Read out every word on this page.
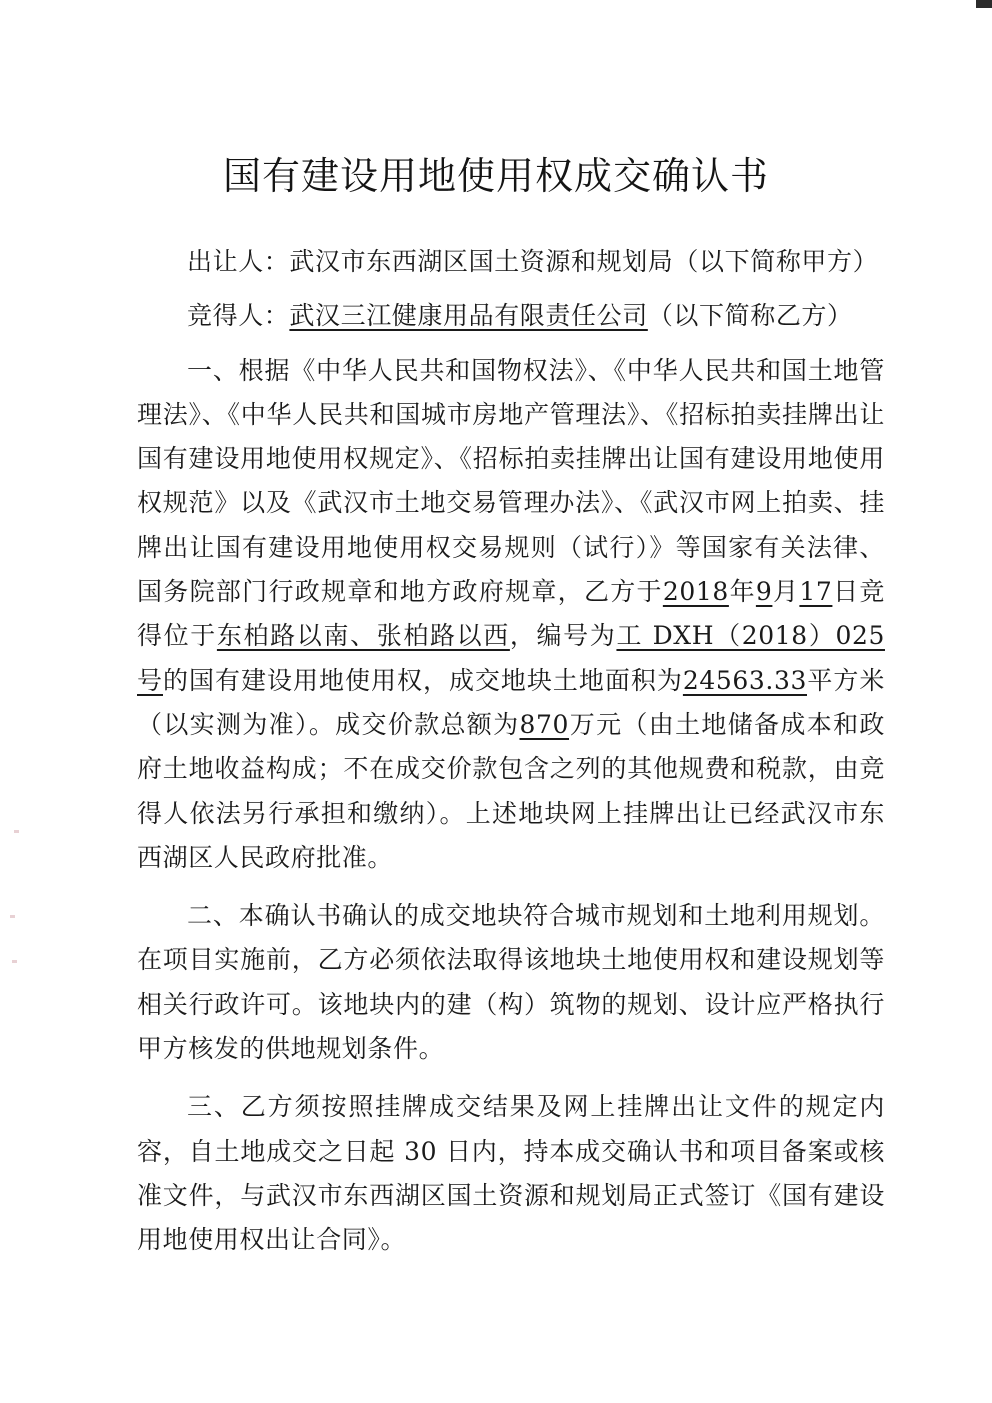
国有建设用地使用权成交确认书
出让人：武汉市东西湖区国土资源和规划局（以下简称甲方）
竞得人：武汉三江健康用品有限责任公司（以下简称乙方）

一、根据《中华人民共和国物权法》、《中华人民共和国土地管理法》、《中华人民共和国城市房地产管理法》、《招标拍卖挂牌出让国有建设用地使用权规定》、《招标拍卖挂牌出让国有建设用地使用权规范》以及《武汉市土地交易管理办法》、《武汉市网上拍卖、挂牌出让国有建设用地使用权交易规则（试行）》等国家有关法律、国务院部门行政规章和地方政府规章，乙方于2018年9月17日竞得位于东柏路以南、张柏路以西，编号为工 DXH（2018）025 号的国有建设用地使用权，成交地块土地面积为24563.33平方米（以实测为准）。成交价款总额为870万元（由土地储备成本和政府土地收益构成；不在成交价款包含之列的其他规费和税款，由竞得人依法另行承担和缴纳）。上述地块网上挂牌出让已经武汉市东西湖区人民政府批准。

二、本确认书确认的成交地块符合城市规划和土地利用规划。在项目实施前，乙方必须依法取得该地块土地使用权和建设规划等相关行政许可。该地块内的建（构）筑物的规划、设计应严格执行甲方核发的供地规划条件。

三、乙方须按照挂牌成交结果及网上挂牌出让文件的规定内容，自土地成交之日起 30 日内，持本成交确认书和项目备案或核准文件，与武汉市东西湖区国土资源和规划局正式签订《国有建设用地使用权出让合同》。
